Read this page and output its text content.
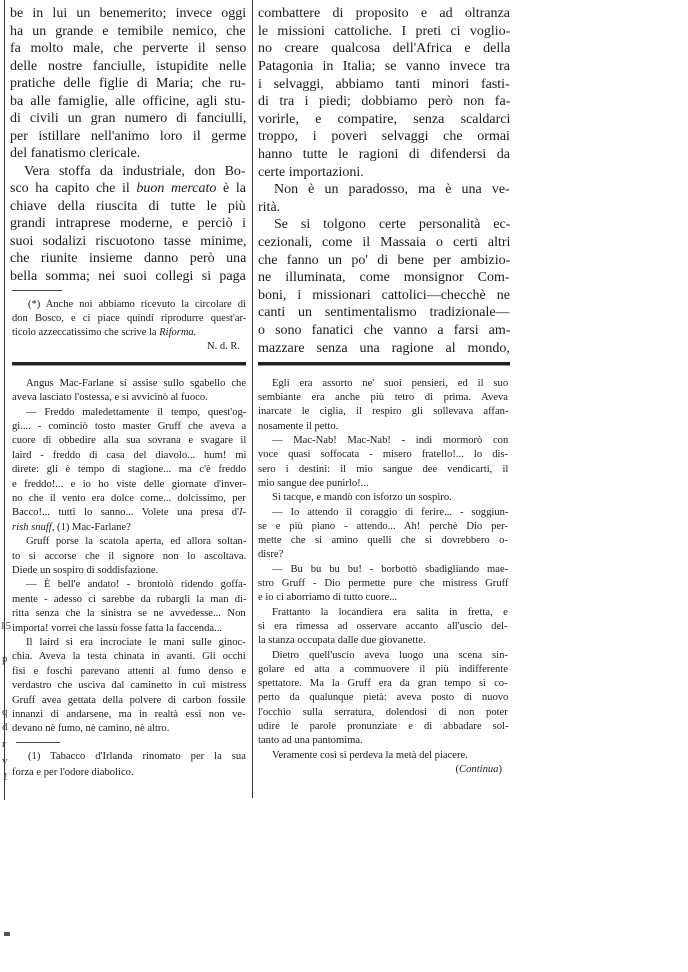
be in lui un benemerito; invece oggi
ha un grande e temibile nemico, che
fa molto male, che perverte il senso
delle nostre fanciulle, istupidite nelle
pratiche delle figlie di Maria; che ru-
ba alle famiglie, alle officine, agli stu-
di civili un gran numero di fanciulli,
per istillare nell'animo loro il germe
del fanatismo clericale.
Vera stoffa da industriale, don Bo-
sco ha capito che il buon mercato è la
chiave della riuscita di tutte le più
grandi intraprese moderne, e perciò i
suoi sodalizi riscuotono tasse minime,
che riunite insieme danno però una
bella somma; nei suoi collegi si paga
(*) Anche noi abbiamo ricevuto la circolare di
don Bosco, e ci piace quindi riprodurre quest'ar-
ticolo azzeccatissimo che scrive la Riforma.
N. d. R.
combattere di proposito e ad oltranza
le missioni cattoliche. I preti ci voglio-
no creare qualcosa dell'Africa e della
Patagonia in Italia; se vanno invece tra
i selvaggi, abbiamo tanti minori fasti-
di tra i piedi; dobbiamo però non fa-
vorirle, e compatire, senza scaldarci
troppo, i poveri selvaggi che ormai
hanno tutte le ragioni di difendersi da
certe importazioni.
Non è un paradosso, ma è una ve-
rità.
Se si tolgono certe personalità ec-
cezionali, come il Massaia o certi altri
che fanno un po' di bene per ambizio-
ne illuminata, come monsignor Com-
boni, i missionari cattolici—checchè ne
canti un sentimentalismo tradizionale—
o sono fanatici che vanno a farsi am-
mazzare senza una ragione al mondo,
Angus Mac-Farlane si assise sullo sgabello che
aveva lasciato l'ostessa, e si avvicinò al fuoco.
— Freddo maledettamente il tempo, quest'og-
gi.... - cominciò tosto master Gruff che aveva a
cuore di obbedire alla sua sovrana e svagare il
laird - freddo di casa del diavolo... hum! mi
direte: gli è tempo di stagione... ma c'è freddo
e freddo!... e io ho viste delle giornate d'inver-
no che il vento era dolce come... dolcissimo, per
Bacco!... tutti lo sanno... Volete una presa d'I-
rish snuff, (1) Mac-Farlane?
Gruff porse la scatola aperta, ed allora soltan-
to si accorse che il signore non lo ascoltava.
Diede un sospiro di soddisfazione.
— È bell'e andato! - brontolò ridendo goffa-
mente - adesso ci sarebbe da rubargli la man di-
ritta senza che la sinistra se ne avvedesse... Non
importa! vorrei che lassù fosse fatta la faccenda...
Il laird si era incrociate le mani sulle ginoc-
chia. Aveva la testa chinata in avanti. Gli occhi
fisi e foschi parevano attenti al fumo denso e
verdastro che usciva dal caminetto in cui mistress
Gruff avea gettata della polvere di carbon fossile
innanzi di andarsene, ma in realtà essi non ve-
devano nè fumo, nè camino, nè altro.
(1) Tabacco d'Irlanda rinomato per la sua
forza e per l'odore diabolico.
Egli era assorto ne' suoi pensieri, ed il suo
sembiante era anche più tetro di prima. Aveva
inarcate le ciglia, il respiro gli sollevava affan-
nosamente il petto.
— Mac-Nab! Mac-Nab! - indi mormorò con
voce quasi soffocata - misero fratello!... lo dis-
sero i destini: il mio sangue dee vendicarti, il
mio sangue dee punirlo!...
Si tacque, e mandò con isforzo un sospiro.
— Io attendo il coraggio di ferire... - soggiun-
se e più piano - attendo... Ah! perchè Dio per-
mette che si amino quelli che si dovrebbero o-
disre?
— Bu bu bu bu! - borbottò sbadigliando mae-
stro Gruff - Dio permette pure che mistress Gruff
e io ci aborriamo di tutto cuore...
Frattanto la locandiera era salita in fretta, e
si era rimessa ad osservare accanto all'uscio del-
la stanza occupata dalle due giovanette.
Dietro quell'uscio aveva luogo una scena sin-
golare ed atta a commuovere il più indifferente
spettatore. Ma la Gruff era da gran tempo sì co-
perto da qualunque pietà: aveva posto di nuovo
l'occhio sulla serratura, dolendosi di non poter
udire le parole pronunziate e di abbadare sol-
tanto ad una pantomima.
Veramente così si perdeva la metà del piacere.
(Continua)
15
p
q
d
r
v
!
